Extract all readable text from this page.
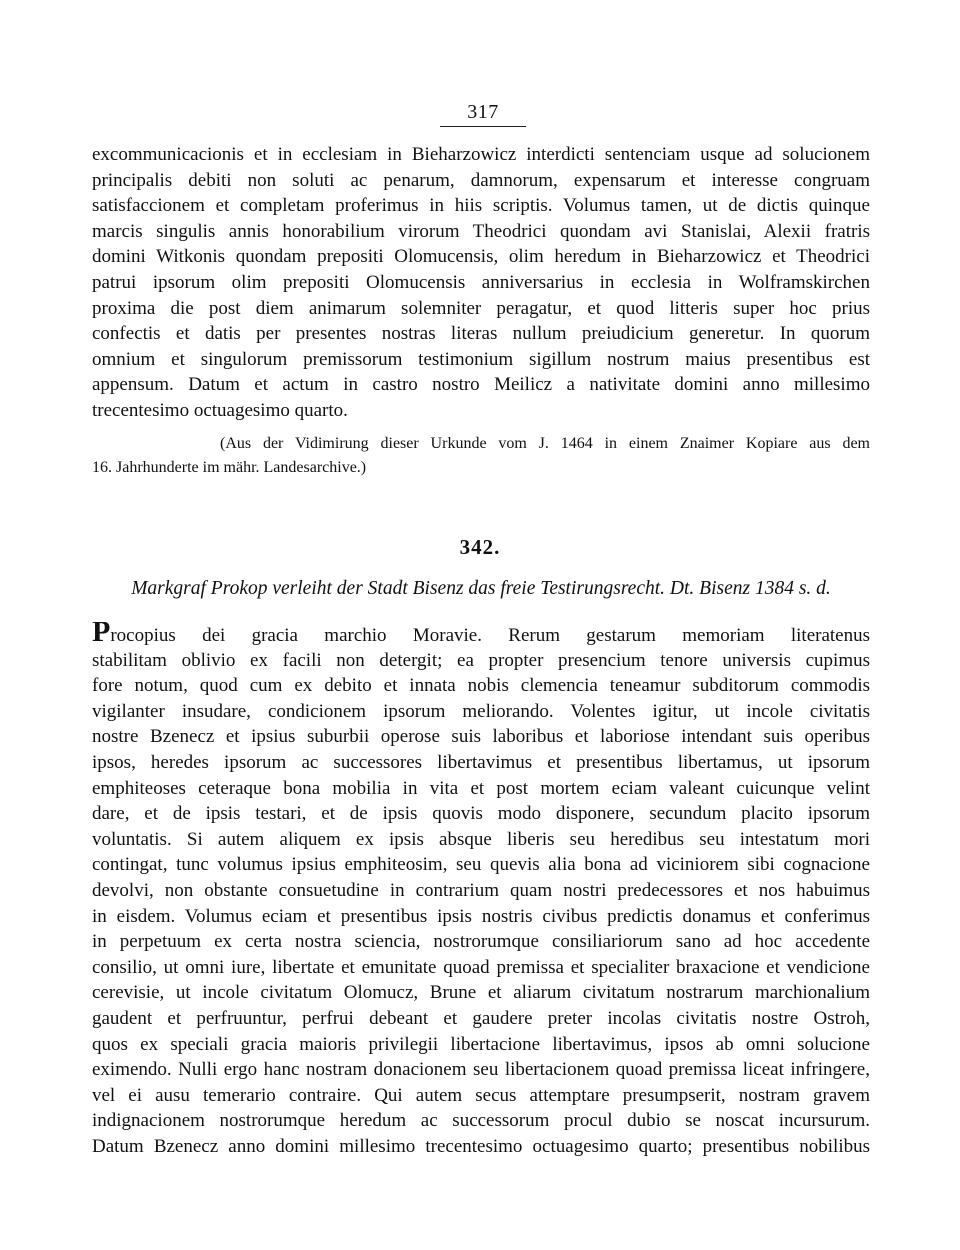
317
excommunicacionis et in ecclesiam in Bieharzowicz interdicti sentenciam usque ad solucionem
principalis debiti non soluti ac penarum, damnorum, expensarum et interesse congruam
satisfaccionem et completam proferimus in hiis scriptis. Volumus tamen, ut de dictis quinque
marcis singulis annis honorabilium virorum Theodrici quondam avi Stanislai, Alexii fratris
domini Witkonis quondam prepositi Olomucensis, olim heredum in Bieharzowicz et Theodrici
patrui ipsorum olim prepositi Olomucensis anniversarius in ecclesia in Wolframskirchen
proxima die post diem animarum solemniter peragatur, et quod litteris super hoc prius
confectis et datis per presentes nostras literas nullum preiudicium generetur. In quorum
omnium et singulorum premissorum testimonium sigillum nostrum maius presentibus est
appensum. Datum et actum in castro nostro Meilicz a nativitate domini anno millesimo
trecentesimo octuagesimo quarto.
(Aus der Vidimirung dieser Urkunde vom J. 1464 in einem Znaimer Kopiare aus dem
16. Jahrhunderte im mähr. Landesarchive.)
342.
Markgraf Prokop verleiht der Stadt Bisenz das freie Testirungsrecht. Dt. Bisenz 1384 s. d.
Procopius dei gracia marchio Moravie. Rerum gestarum memoriam literatenus
stabilitam oblivio ex facili non detergit; ea propter presencium tenore universis cupimus
fore notum, quod cum ex debito et innata nobis clemencia teneamur subditorum commodis
vigilanter insudare, condicionem ipsorum meliorando. Volentes igitur, ut incole civitatis
nostre Bzenecz et ipsius suburbii operose suis laboribus et laboriose intendant suis operibus
ipsos, heredes ipsorum ac successores libertavimus et presentibus libertamus, ut ipsorum
emphiteoses ceteraque bona mobilia in vita et post mortem eciam valeant cuicunque velint
dare, et de ipsis testari, et de ipsis quovis modo disponere, secundum placito ipsorum
voluntatis. Si autem aliquem ex ipsis absque liberis seu heredibus seu intestatum mori
contingat, tunc volumus ipsius emphiteosim, seu quevis alia bona ad viciniorem sibi cognacione
devolvi, non obstante consuetudine in contrarium quam nostri predecessores et nos habuimus
in eisdem. Volumus eciam et presentibus ipsis nostris civibus predictis donamus et conferimus
in perpetuum ex certa nostra sciencia, nostrorumque consiliariorum sano ad hoc accedente
consilio, ut omni iure, libertate et emunitate quoad premissa et specialiter braxacione et vendicione
cerevisie, ut incole civitatum Olomucz, Brune et aliarum civitatum nostrarum marchionalium
gaudent et perfruuntur, perfrui debeant et gaudere preter incolas civitatis nostre Ostroh,
quos ex speciali gracia maioris privilegii libertacione libertavimus, ipsos ab omni solucione
eximendo. Nulli ergo hanc nostram donacionem seu libertacionem quoad premissa liceat infringere,
vel ei ausu temerario contraire. Qui autem secus attemptare presumpserit, nostram gravem
indignacionem nostrorumque heredum ac successorum procul dubio se noscat incursurum.
Datum Bzenecz anno domini millesimo trecentesimo octuagesimo quarto; presentibus nobilibus
